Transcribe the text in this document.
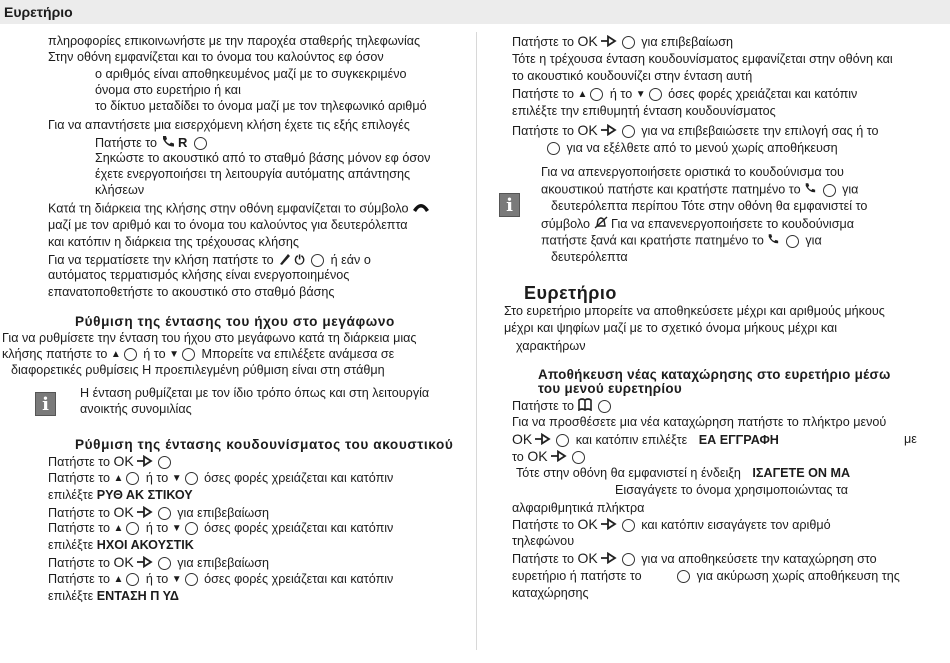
Ευρετήριο
πληροφορίες επικοινωνήστε με την παροχέα σταθερής τηλεφωνίας
Στην οθόνη εμφανίζεται και το όνομα του καλούντος εφ όσον
ο αριθμός είναι αποθηκευμένος μαζί με το συγκεκριμένο
όνομα στο ευρετήριο ή και
το δίκτυο μεταδίδει το όνομα μαζί με τον τηλεφωνικό αριθμό
Για να απαντήσετε μια εισερχόμενη κλήση έχετε τις εξής επιλογές
Πατήστε το R
Σηκώστε το ακουστικό από το σταθμό βάσης μόνον εφ όσον
έχετε ενεργοποιήσει τη λειτουργία αυτόματης απάντησης
κλήσεων
Κατά τη διάρκεια της κλήσης στην οθόνη εμφανίζεται το σύμβολο
μαζί με τον αριθμό και το όνομα του καλούντος για δευτερόλεπτα
και κατόπιν η διάρκεια της τρέχουσας κλήσης
Για να τερματίσετε την κλήση πατήστε το ⏻ ή εάν ο
αυτόματος τερματισμός κλήσης είναι ενεργοποιημένος
επανατοποθετήστε το ακουστικό στο σταθμό βάσης
Ρύθμιση της έντασης του ήχου στο μεγάφωνο
Για να ρυθμίσετε την ένταση του ήχου στο μεγάφωνο κατά τη διάρκεια μιας
κλήσης πατήστε το ▲ ή το ▼ Μπορείτε να επιλέξετε ανάμεσα σε
διαφορετικές ρυθμίσεις Η προεπιλεγμένη ρύθμιση είναι στη στάθμη
i
Η ένταση ρυθμίζεται με τον ίδιο τρόπο όπως και στη λειτουργία
ανοικτής συνομιλίας
Ρύθμιση της έντασης κουδουνίσματος του ακουστικού
Πατήστε το OK
Πατήστε το ▲ ή το ▼ όσες φορές χρειάζεται και κατόπιν
επιλέξτε ΡΥΘ ΑΚ ΣΤΙΚΟΥ
Πατήστε το OK	για επιβεβαίωση
Πατήστε το ▲ ή το ▼ όσες φορές χρειάζεται και κατόπιν
επιλέξτε ΗΧΟΙ ΑΚΟΥΣΤΙΚ
Πατήστε το OK	για επιβεβαίωση
Πατήστε το ▲ ή το ▼ όσες φορές χρειάζεται και κατόπιν
επιλέξτε ΕΝΤΑΣΗ Π ΥΔ
Πατήστε το OK	για επιβεβαίωση
Τότε η τρέχουσα ένταση κουδουνίσματος εμφανίζεται στην οθόνη και
το ακουστικό κουδουνίζει στην ένταση αυτή
Πατήστε το ▲ ή το ▼ όσες φορές χρειάζεται και κατόπιν
επιλέξτε την επιθυμητή ένταση κουδουνίσματος
Πατήστε το OK	για να επιβεβαιώσετε την επιλογή σας ή το
για να εξέλθετε από το μενού χωρίς αποθήκευση
i
Για να απενεργοποιήσετε οριστικά το κουδούνισμα του
ακουστικού πατήστε και κρατήστε πατημένο το	για
δευτερόλεπτα περίπου Τότε στην οθόνη θα εμφανιστεί το
σύμβολο Για να επανενεργοποιήσετε το κουδούνισμα
πατήστε ξανά και κρατήστε πατημένο το	για
δευτερόλεπτα
Ευρετήριο
Στο ευρετήριο μπορείτε να αποθηκεύσετε μέχρι και αριθμούς μήκους
μέχρι και ψηφίων μαζί με το σχετικό όνομα μήκους μέχρι και
χαρακτήρων
Αποθήκευση νέας καταχώρησης στο ευρετήριο μέσω
του μενού ευρετηρίου
Πατήστε το
Για να προσθέσετε μια νέα καταχώρηση πατήστε το πλήκτρο μενού
OK	και κατόπιν επιλέξτε ΕΑ ΕΓΓΡΑΦΗ	με
το OK
Τότε στην οθόνη θα εμφανιστεί η ένδειξη ΙΣΑΓΕΤΕ ΟΝ ΜΑ
Εισαγάγετε το όνομα χρησιμοποιώντας τα
αλφαριθμητικά πλήκτρα
Πατήστε το OK	και κατόπιν εισαγάγετε τον αριθμό
τηλεφώνου
Πατήστε το OK	για να αποθηκεύσετε την καταχώρηση στο
ευρετήριο ή πατήστε το	για ακύρωση χωρίς αποθήκευση της
καταχώρησης
